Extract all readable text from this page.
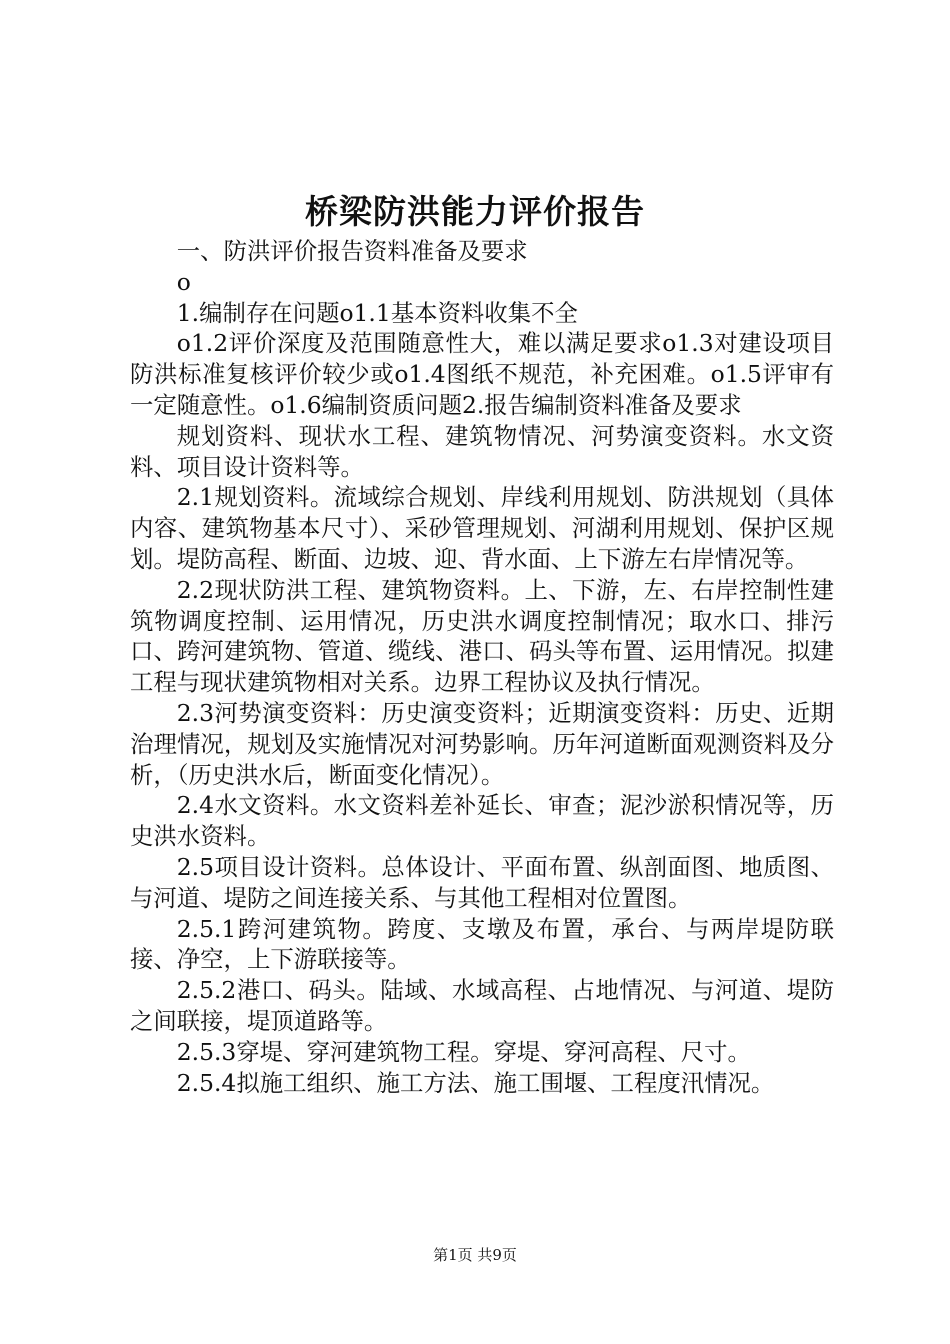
桥梁防洪能力评价报告

一、防洪评价报告资料准备及要求

o

1.编制存在问题o1.1基本资料收集不全

o1.2评价深度及范围随意性大，难以满足要求o1.3对建设项目防洪标准复核评价较少或o1.4图纸不规范，补充困难。o1.5评审有一定随意性。o1.6编制资质问题2.报告编制资料准备及要求

规划资料、现状水工程、建筑物情况、河势演变资料。水文资料、项目设计资料等。

2.1规划资料。流域综合规划、岸线利用规划、防洪规划（具体内容、建筑物基本尺寸）、采砂管理规划、河湖利用规划、保护区规划。堤防高程、断面、边坡、迎、背水面、上下游左右岸情况等。

2.2现状防洪工程、建筑物资料。上、下游，左、右岸控制性建筑物调度控制、运用情况，历史洪水调度控制情况；取水口、排污口、跨河建筑物、管道、缆线、港口、码头等布置、运用情况。拟建工程与现状建筑物相对关系。边界工程协议及执行情况。

2.3河势演变资料：历史演变资料；近期演变资料：历史、近期治理情况，规划及实施情况对河势影响。历年河道断面观测资料及分析，（历史洪水后，断面变化情况）。

2.4水文资料。水文资料差补延长、审查；泥沙淤积情况等，历史洪水资料。

2.5项目设计资料。总体设计、平面布置、纵剖面图、地质图、与河道、堤防之间连接关系、与其他工程相对位置图。

2.5.1跨河建筑物。跨度、支墩及布置，承台、与两岸堤防联接、净空，上下游联接等。

2.5.2港口、码头。陆域、水域高程、占地情况、与河道、堤防之间联接，堤顶道路等。

2.5.3穿堤、穿河建筑物工程。穿堤、穿河高程、尺寸。

2.5.4拟施工组织、施工方法、施工围堰、工程度汛情况。

第1页 共9页
